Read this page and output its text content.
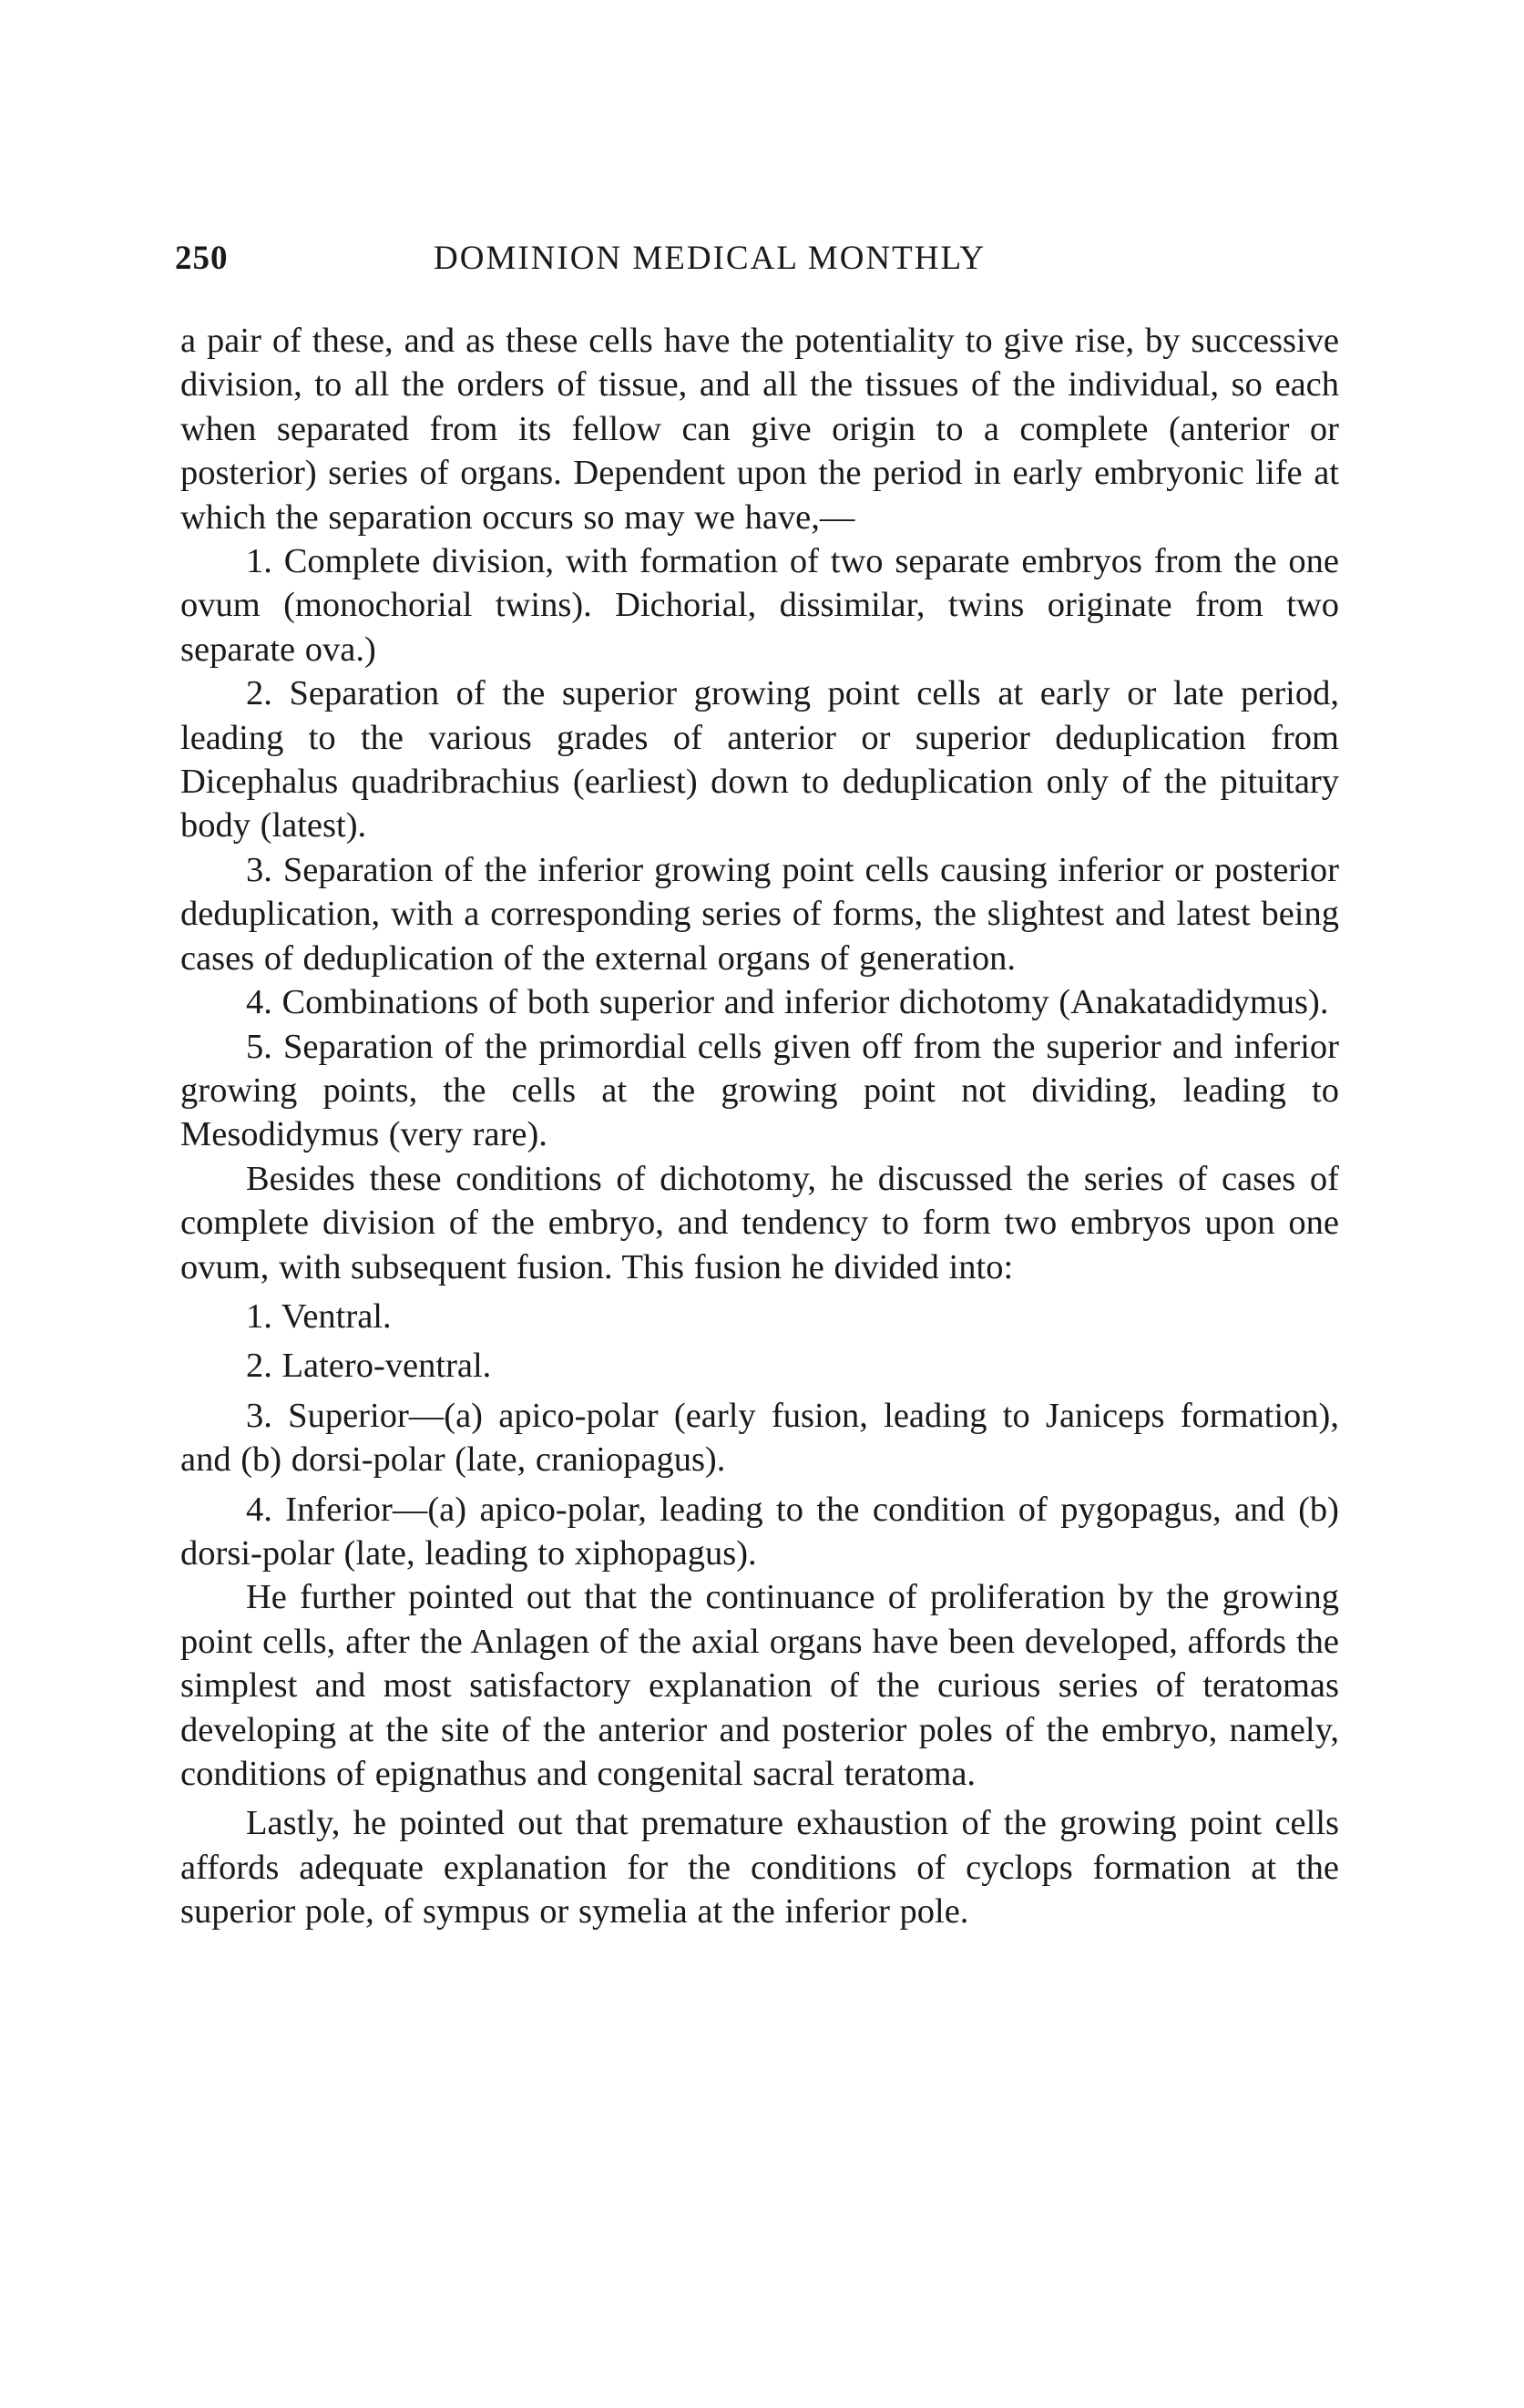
250	DOMINION MEDICAL MONTHLY

a pair of these, and as these cells have the potentiality to give rise, by successive division, to all the orders of tissue, and all the tissues of the individual, so each when separated from its fellow can give origin to a complete (anterior or posterior) series of organs. Dependent upon the period in early embryonic life at which the separation occurs so may we have,—

1. Complete division, with formation of two separate embryos from the one ovum (monochorial twins). Dichorial, dissimilar, twins originate from two separate ova.)

2. Separation of the superior growing point cells at early or late period, leading to the various grades of anterior or superior deduplication from Dicephalus quadribrachius (earliest) down to deduplication only of the pituitary body (latest).

3. Separation of the inferior growing point cells causing inferior or posterior deduplication, with a corresponding series of forms, the slightest and latest being cases of deduplication of the external organs of generation.

4. Combinations of both superior and inferior dichotomy (Anakatadidymus).

5. Separation of the primordial cells given off from the superior and inferior growing points, the cells at the growing point not dividing, leading to Mesodidymus (very rare).

Besides these conditions of dichotomy, he discussed the series of cases of complete division of the embryo, and tendency to form two embryos upon one ovum, with subsequent fusion. This fusion he divided into:

1. Ventral.

2. Latero-ventral.

3. Superior—(a) apico-polar (early fusion, leading to Janiceps formation), and (b) dorsi-polar (late, craniopagus).

4. Inferior—(a) apico-polar, leading to the condition of pygopagus, and (b) dorsi-polar (late, leading to xiphopagus).

He further pointed out that the continuance of proliferation by the growing point cells, after the Anlagen of the axial organs have been developed, affords the simplest and most satisfactory explanation of the curious series of teratomas developing at the site of the anterior and posterior poles of the embryo, namely, conditions of epignathus and congenital sacral teratoma.

Lastly, he pointed out that premature exhaustion of the growing point cells affords adequate explanation for the conditions of cyclops formation at the superior pole, of sympus or symelia at the inferior pole.
